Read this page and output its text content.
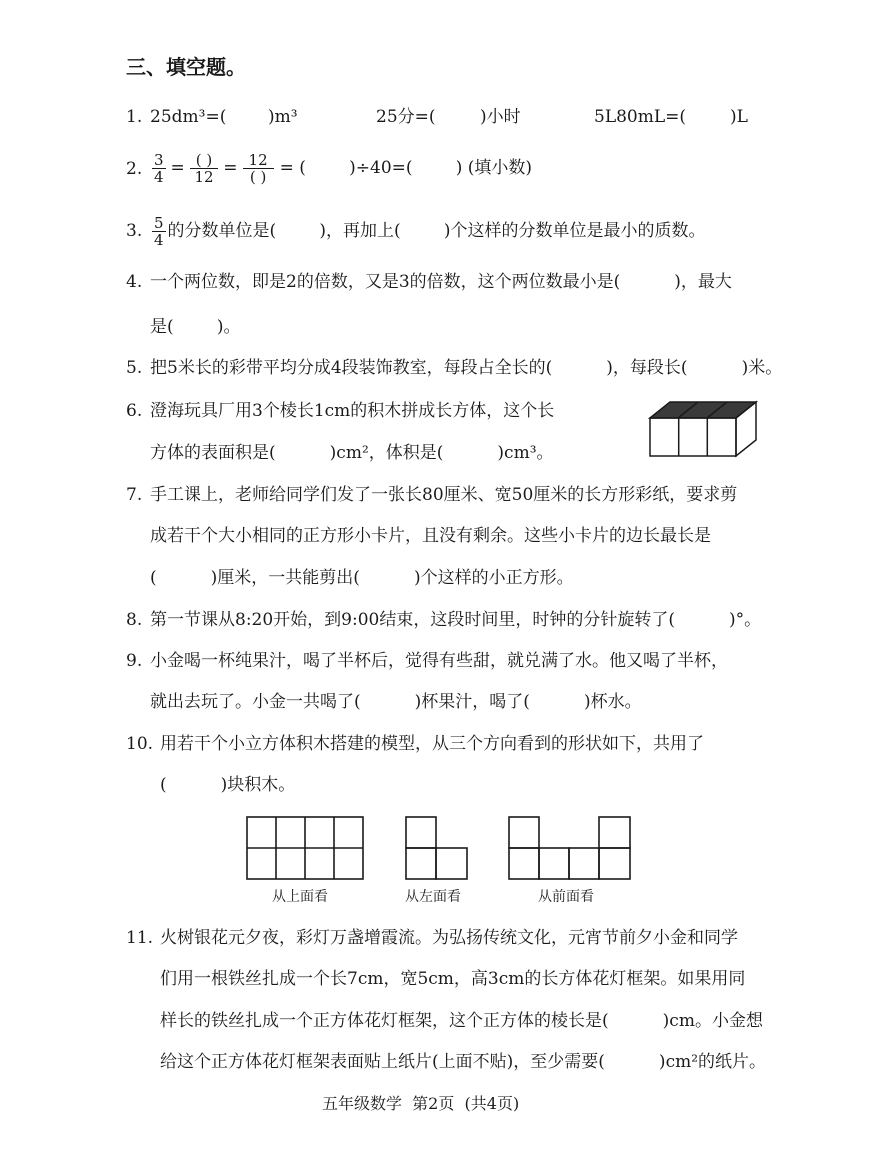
三、填空题。
1. 25dm³=( )m³	25分=(	)小时	5L80mL=(	)L
2. $\frac{3}{4} = \frac{( )}{12} = \frac{12}{( )}$ = (        )÷40=(        ) (填小数)
3. $\frac{5}{4}$ 的分数单位是(        )，再加上(        )个这样的分数单位是最小的质数。
4. 一个两位数，即是2的倍数，又是3的倍数，这个两位数最小是(          )，最大
是(        )。
5. 把5米长的彩带平均分成4段装饰教室，每段占全长的(          )，每段长(          )米。
6. 澄海玩具厂用3个棱长1cm的积木拼成长方体，这个长
方体的表面积是(          )cm²，体积是(          )cm³。
7. 手工课上，老师给同学们发了一张长80厘米、宽50厘米的长方形彩纸，要求剪
成若干个大小相同的正方形小卡片，且没有剩余。这些小卡片的边长最长是
(          )厘米，一共能剪出(          )个这样的小正方形。
8. 第一节课从8:20开始，到9:00结束，这段时间里，时钟的分针旋转了(          )°。
9. 小金喝一杯纯果汁，喝了半杯后，觉得有些甜，就兑满了水。他又喝了半杯，
就出去玩了。小金一共喝了(          )杯果汁，喝了(          )杯水。
10. 用若干个小立方体积木搭建的模型，从三个方向看到的形状如下，共用了
(          )块积木。
从上面看	从左面看	从前面看
11. 火树银花元夕夜，彩灯万盏增霞流。为弘扬传统文化，元宵节前夕小金和同学
们用一根铁丝扎成一个长7cm，宽5cm，高3cm的长方体花灯框架。如果用同
样长的铁丝扎成一个正方体花灯框架，这个正方体的棱长是(          )cm。小金想
给这个正方体花灯框架表面贴上纸片(上面不贴)，至少需要(          )cm²的纸片。
五年级数学  第2页  (共4页)
